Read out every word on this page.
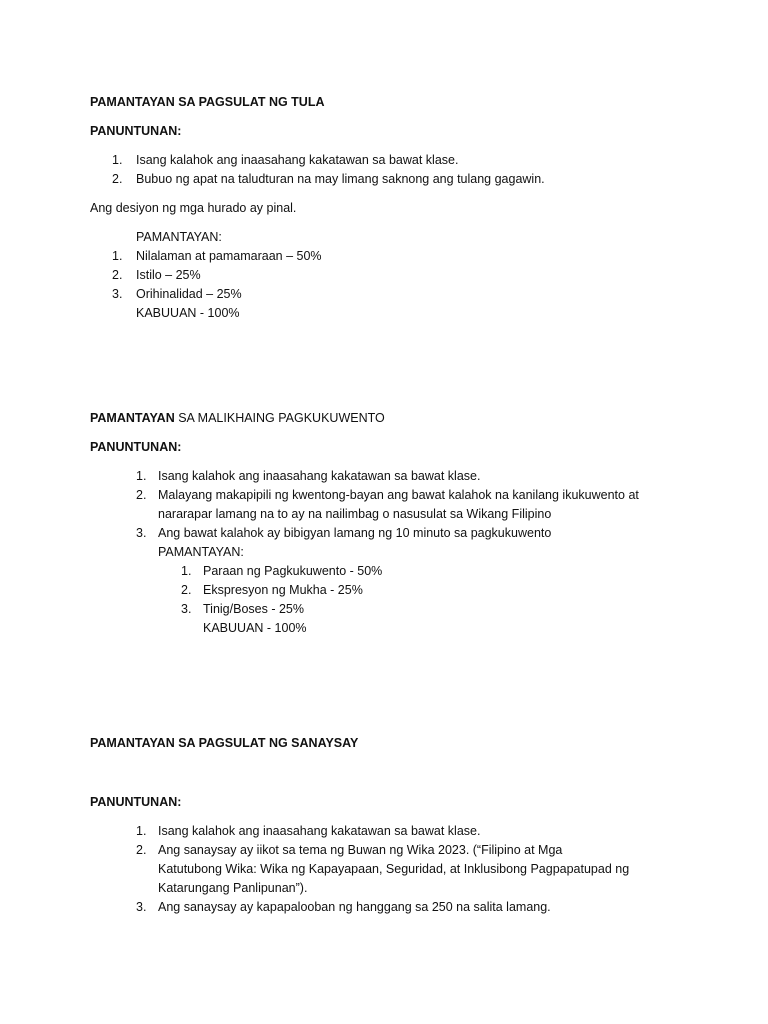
PAMANTAYAN SA PAGSULAT NG TULA
PANUNTUNAN:
1. Isang kalahok ang inaasahang kakatawan sa bawat klase.
2. Bubuo ng apat na taludturan na may limang saknong ang tulang gagawin.
Ang desiyon ng mga hurado ay pinal.
PAMANTAYAN:
1. Nilalaman at pamamaraan – 50%
2. Istilo – 25%
3. Orihinalidad – 25%
KABUUAN - 100%
PAMANTAYAN SA MALIKHAING PAGKUKUWENTO
PANUNTUNAN:
1. Isang kalahok ang inaasahang kakatawan sa bawat klase.
2. Malayang makapipili ng kwentong-bayan ang bawat kalahok na kanilang ikukuwento at
nararapar lamang na to ay na nailimbag o nasusulat sa Wikang Filipino
3. Ang bawat kalahok ay bibigyan lamang ng 10 minuto sa pagkukuwento
PAMANTAYAN:
1. Paraan ng Pagkukuwento - 50%
2. Ekspresyon ng Mukha - 25%
3. Tinig/Boses - 25%
KABUUAN - 100%
PAMANTAYAN SA PAGSULAT NG SANAYSAY
PANUNTUNAN:
1. Isang kalahok ang inaasahang kakatawan sa bawat klase.
2. Ang sanaysay ay iikot sa tema ng Buwan ng Wika 2023. (“Filipino at Mga
Katutubong Wika: Wika ng Kapayapaan, Seguridad, at Inklusibong Pagpapatupad ng
Katarungang Panlipunan”).
3. Ang sanaysay ay kapapalooban ng hanggang sa 250 na salita lamang.
